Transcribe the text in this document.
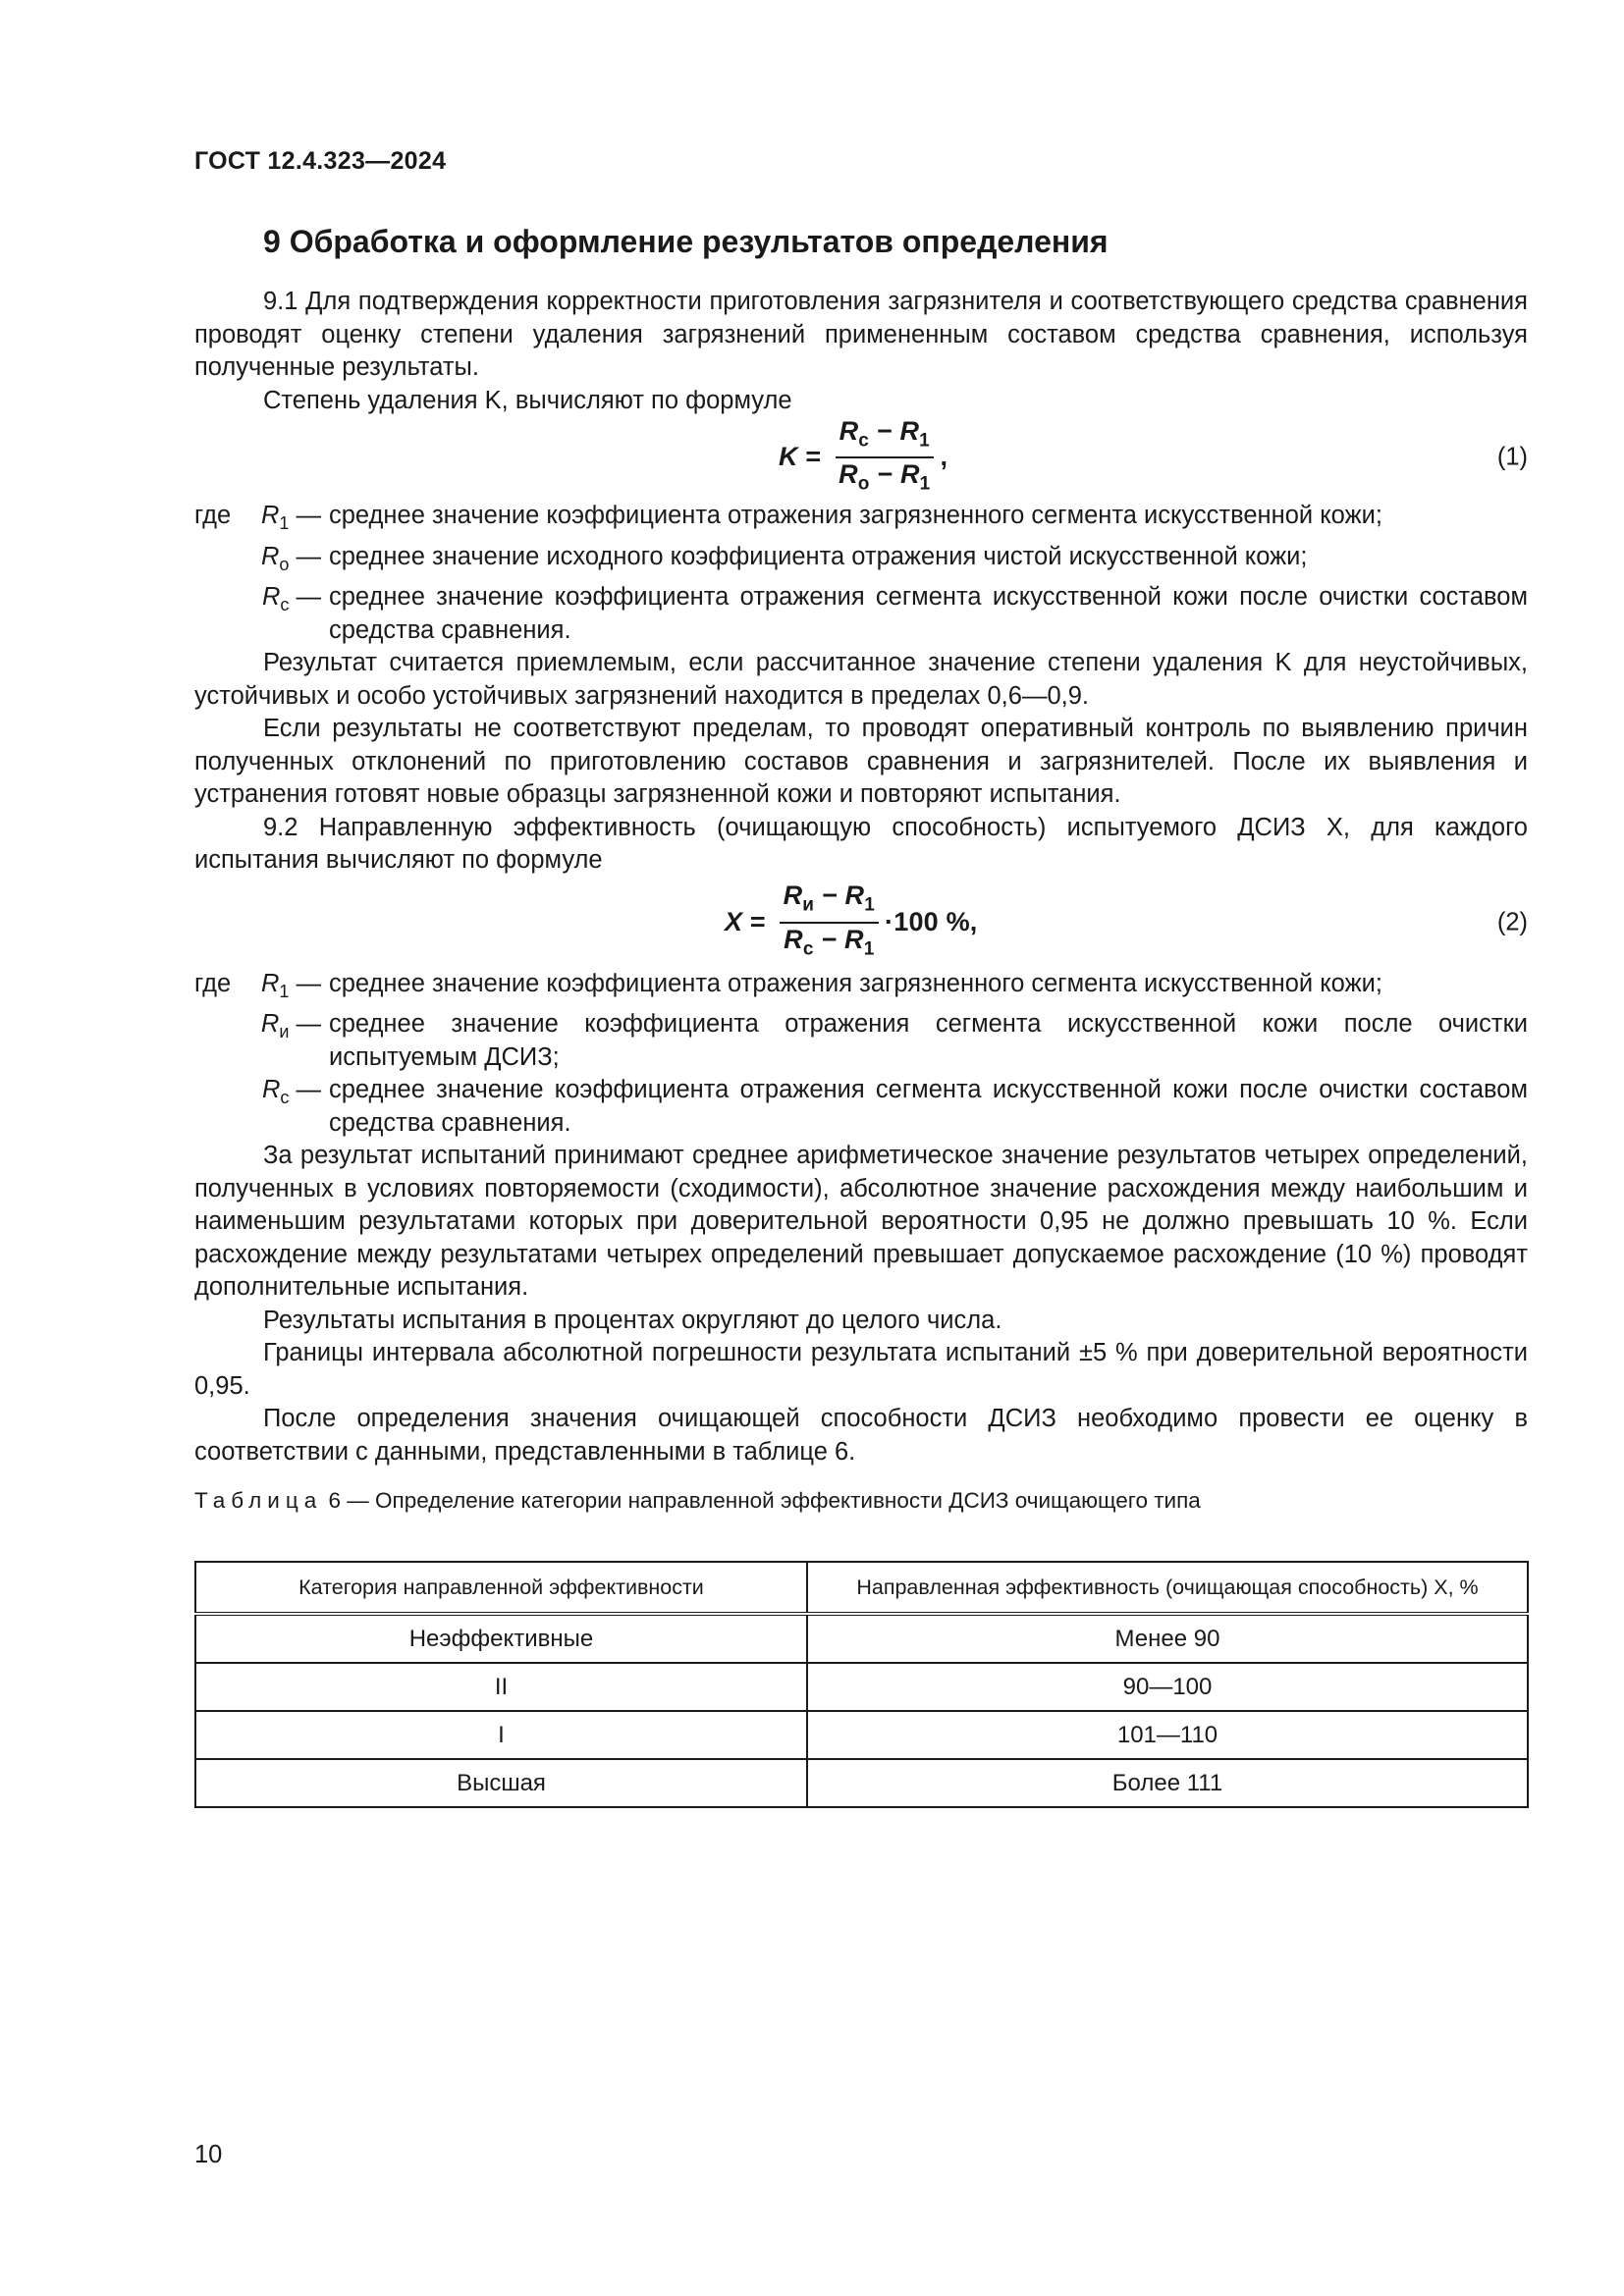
ГОСТ 12.4.323—2024
9 Обработка и оформление результатов определения

9.1 Для подтверждения корректности приготовления загрязнителя и соответствующего средства сравнения проводят оценку степени удаления загрязнений примененным составом средства сравнения, используя полученные результаты.

Степень удаления K, вычисляют по формуле

$K = \frac{R_c - R_1}{R_o - R_1}$ ,	(1)
где $R_1$ — среднее значение коэффициента отражения загрязненного сегмента искусственной кожи;
$R_o$ — среднее значение исходного коэффициента отражения чистой искусственной кожи;
$R_c$ — среднее значение коэффициента отражения сегмента искусственной кожи после очистки составом средства сравнения.

Результат считается приемлемым, если рассчитанное значение степени удаления K для неустойчивых, устойчивых и особо устойчивых загрязнений находится в пределах 0,6—0,9.

Если результаты не соответствуют пределам, то проводят оперативный контроль по выявлению причин полученных отклонений по приготовлению составов сравнения и загрязнителей. После их выявления и устранения готовят новые образцы загрязненной кожи и повторяют испытания.

9.2 Направленную эффективность (очищающую способность) испытуемого ДСИЗ X, для каждого испытания вычисляют по формуле

$X = \frac{R_и - R_1}{R_c - R_1} \cdot 100$ %,	(2)
где $R_1$ — среднее значение коэффициента отражения загрязненного сегмента искусственной кожи;
$R_и$ — среднее значение коэффициента отражения сегмента искусственной кожи после очистки испытуемым ДСИЗ;
$R_c$ — среднее значение коэффициента отражения сегмента искусственной кожи после очистки составом средства сравнения.

За результат испытаний принимают среднее арифметическое значение результатов четырех определений, полученных в условиях повторяемости (сходимости), абсолютное значение расхождения между наибольшим и наименьшим результатами которых при доверительной вероятности 0,95 не должно превышать 10 %. Если расхождение между результатами четырех определений превышает допускаемое расхождение (10 %) проводят дополнительные испытания.

Результаты испытания в процентах округляют до целого числа.

Границы интервала абсолютной погрешности результата испытаний ±5 % при доверительной вероятности 0,95.

После определения значения очищающей способности ДСИЗ необходимо провести ее оценку в соответствии с данными, представленными в таблице 6.

Таблица 6 — Определение категории направленной эффективности ДСИЗ очищающего типа
Категория направленной эффективности	Направленная эффективность (очищающая способность) X, %
Неэффективные	Менее 90
II	90—100
I	101—110
Высшая	Более 111
10
